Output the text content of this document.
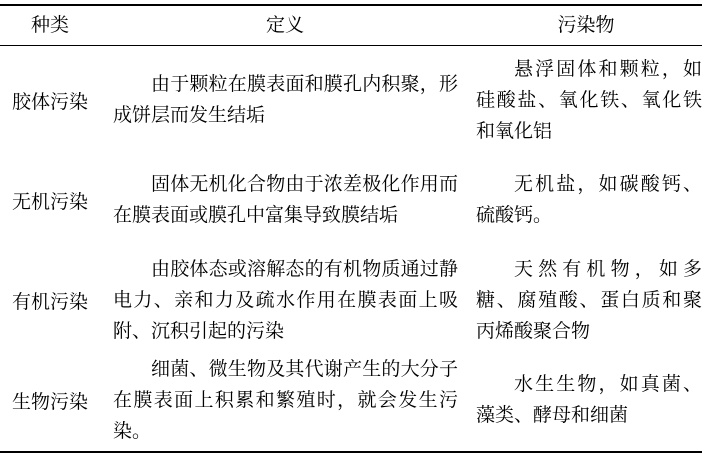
种类	定义	污染物
胶体污染

由于颗粒在膜表面和膜孔内积聚，形成饼层而发生结垢

悬浮固体和颗粒，如硅酸盐、氧化铁、氧化铁和氧化铝

无机污染

固体无机化合物由于浓差极化作用而在膜表面或膜孔中富集导致膜结垢

无机盐，如碳酸钙、硫酸钙。

有机污染

由胶体态或溶解态的有机物质通过静电力、亲和力及疏水作用在膜表面上吸附、沉积引起的污染

天然有机物，如多糖、腐殖酸、蛋白质和聚丙烯酸聚合物

生物污染

细菌、微生物及其代谢产生的大分子在膜表面上积累和繁殖时，就会发生污染。

水生生物，如真菌、藻类、酵母和细菌
